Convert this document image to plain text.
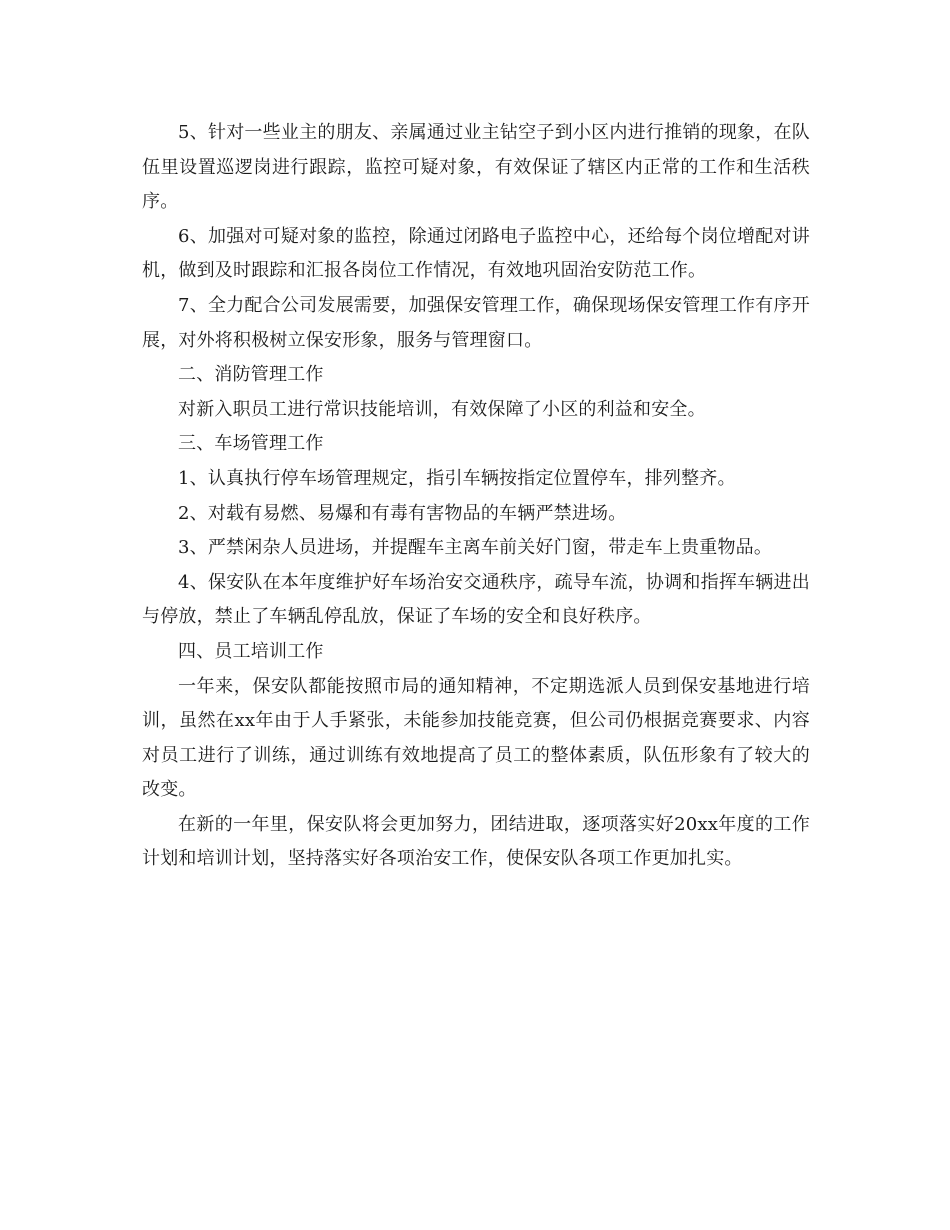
5、针对一些业主的朋友、亲属通过业主钻空子到小区内进行推销的现象，在队伍里设置巡逻岗进行跟踪，监控可疑对象，有效保证了辖区内正常的工作和生活秩序。

6、加强对可疑对象的监控，除通过闭路电子监控中心，还给每个岗位增配对讲机，做到及时跟踪和汇报各岗位工作情况，有效地巩固治安防范工作。

7、全力配合公司发展需要，加强保安管理工作，确保现场保安管理工作有序开展，对外将积极树立保安形象，服务与管理窗口。

二、消防管理工作

对新入职员工进行常识技能培训，有效保障了小区的利益和安全。

三、车场管理工作

1、认真执行停车场管理规定，指引车辆按指定位置停车，排列整齐。

2、对载有易燃、易爆和有毒有害物品的车辆严禁进场。

3、严禁闲杂人员进场，并提醒车主离车前关好门窗，带走车上贵重物品。

4、保安队在本年度维护好车场治安交通秩序，疏导车流，协调和指挥车辆进出与停放，禁止了车辆乱停乱放，保证了车场的安全和良好秩序。

四、员工培训工作

一年来，保安队都能按照市局的通知精神，不定期选派人员到保安基地进行培训，虽然在xx年由于人手紧张，未能参加技能竞赛，但公司仍根据竞赛要求、内容对员工进行了训练，通过训练有效地提高了员工的整体素质，队伍形象有了较大的改变。

在新的一年里，保安队将会更加努力，团结进取，逐项落实好20xx年度的工作计划和培训计划，坚持落实好各项治安工作，使保安队各项工作更加扎实。
